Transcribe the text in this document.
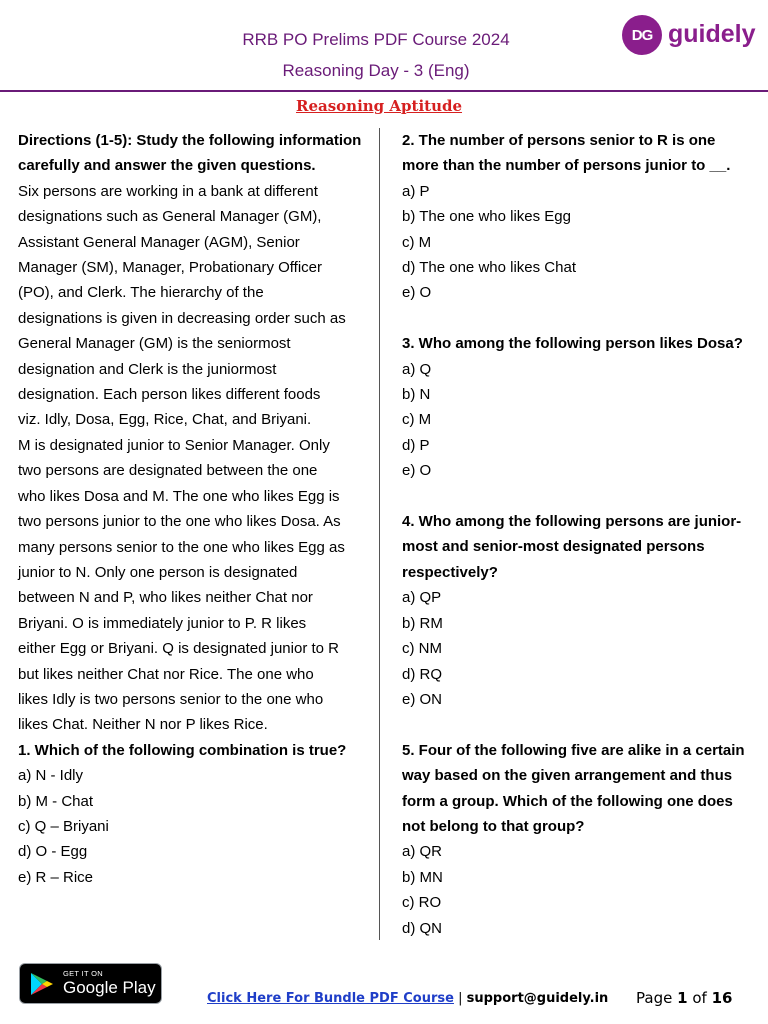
RRB PO Prelims PDF Course 2024
Reasoning Day - 3 (Eng)
DG guidely
Reasoning Aptitude
Directions (1-5): Study the following information
carefully and answer the given questions.
Six persons are working in a bank at different
designations such as General Manager (GM),
Assistant General Manager (AGM), Senior
Manager (SM), Manager, Probationary Officer
(PO), and Clerk. The hierarchy of the
designations is given in decreasing order such as
General Manager (GM) is the seniormost
designation and Clerk is the juniormost
designation. Each person likes different foods
viz. Idly, Dosa, Egg, Rice, Chat, and Briyani.
M is designated junior to Senior Manager. Only
two persons are designated between the one
who likes Dosa and M. The one who likes Egg is
two persons junior to the one who likes Dosa. As
many persons senior to the one who likes Egg as
junior to N. Only one person is designated
between N and P, who likes neither Chat nor
Briyani. O is immediately junior to P. R likes
either Egg or Briyani. Q is designated junior to R
but likes neither Chat nor Rice. The one who
likes Idly is two persons senior to the one who
likes Chat. Neither N nor P likes Rice.
1. Which of the following combination is true?
a) N - Idly
b) M - Chat
c) Q – Briyani
d) O - Egg
e) R – Rice
2. The number of persons senior to R is one
more than the number of persons junior to __.
a) P
b) The one who likes Egg
c) M
d) The one who likes Chat
e) O
3. Who among the following person likes Dosa?
a) Q
b) N
c) M
d) P
e) O
4. Who among the following persons are junior-
most and senior-most designated persons
respectively?
a) QP
b) RM
c) NM
d) RQ
e) ON
5. Four of the following five are alike in a certain
way based on the given arrangement and thus
form a group. Which of the following one does
not belong to that group?
a) QR
b) MN
c) RO
d) QN
GET IT ON
Google Play
Click Here For Bundle PDF Course | support@guidely.in Page 1 of 16
